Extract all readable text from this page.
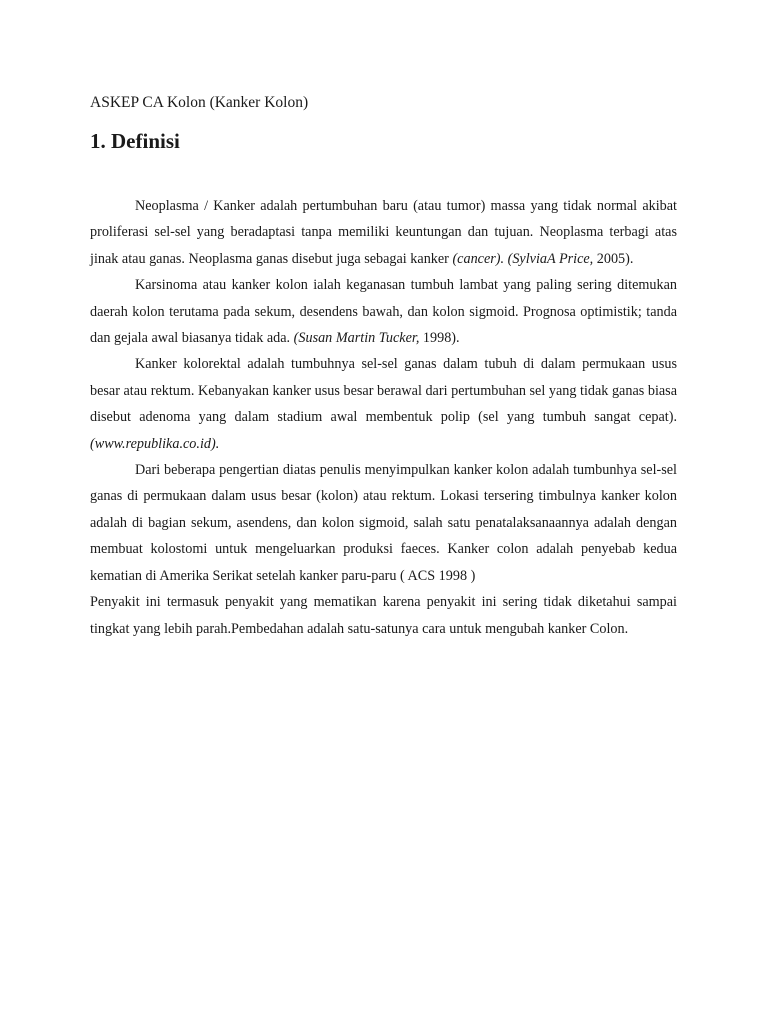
ASKEP CA Kolon (Kanker Kolon)
1. Definisi

Neoplasma / Kanker adalah pertumbuhan baru (atau tumor) massa yang tidak normal akibat proliferasi sel-sel yang beradaptasi tanpa memiliki keuntungan dan tujuan. Neoplasma terbagi atas jinak atau ganas. Neoplasma ganas disebut juga sebagai kanker (cancer). (SylviaA Price, 2005).

Karsinoma atau kanker kolon ialah keganasan tumbuh lambat yang paling sering ditemukan daerah kolon terutama pada sekum, desendens bawah, dan kolon sigmoid. Prognosa optimistik; tanda dan gejala awal biasanya tidak ada. (Susan Martin Tucker, 1998).

Kanker kolorektal adalah tumbuhnya sel-sel ganas dalam tubuh di dalam permukaan usus besar atau rektum. Kebanyakan kanker usus besar berawal dari pertumbuhan sel yang tidak ganas biasa disebut adenoma yang dalam stadium awal membentuk polip (sel yang tumbuh sangat cepat). (www.republika.co.id).

Dari beberapa pengertian diatas penulis menyimpulkan kanker kolon adalah tumbunhya sel-sel ganas di permukaan dalam usus besar (kolon) atau rektum. Lokasi tersering timbulnya kanker kolon adalah di bagian sekum, asendens, dan kolon sigmoid, salah satu penatalaksanaannya adalah dengan membuat kolostomi untuk mengeluarkan produksi faeces. Kanker colon adalah penyebab kedua kematian di Amerika Serikat setelah kanker paru-paru ( ACS 1998 )

Penyakit ini termasuk penyakit yang mematikan karena penyakit ini sering tidak diketahui sampai tingkat yang lebih parah.Pembedahan adalah satu-satunya cara untuk mengubah kanker Colon.
